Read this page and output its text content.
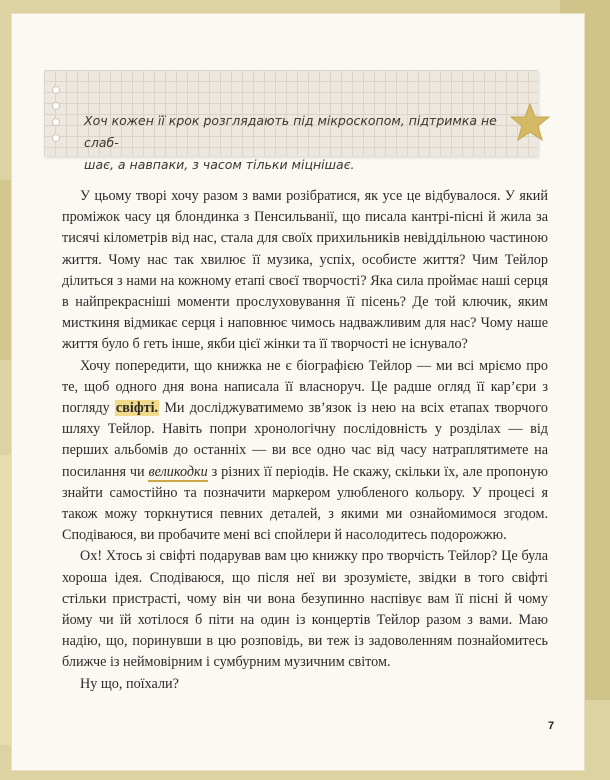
Хоч кожен її крок розглядають під мікроскопом, підтримка не слаб-
шає, а навпаки, з часом тільки міцнішає.

У цьому творі хочу разом з вами розібратися, як усе це відбувалося. У який проміжок часу ця блондинка з Пенсильванії, що писала кантрі-пісні й жила за тисячі кілометрів від нас, стала для своїх прихильників невіддільною частиною життя. Чому нас так хвилює її музика, успіх, особисте життя? Чим Тейлор ділиться з нами на кожному етапі своєї творчості? Яка сила проймає наші серця в найпрекрасніші моменти прослуховування її пісень? Де той ключик, яким мисткиня відмикає серця і наповнює чимось надважливим для нас? Чому наше життя було б геть інше, якби цієї жінки та її творчості не існувало?

Хочу попередити, що книжка не є біографією Тейлор — ми всі мріємо про те, щоб одного дня вона написала її власноруч. Це радше огляд її кар’єри з погляду свіфті. Ми досліджуватимемо зв’язок із нею на всіх етапах творчого шляху Тейлор. Навіть попри хронологічну послідовність у розділах — від перших альбомів до останніх — ви все одно час від часу натраплятимете на посилання чи великодки з різних її періодів. Не скажу, скільки їх, але пропоную знайти самостійно та позначити маркером улюбленого кольору. У процесі я також можу торкнутися певних деталей, з якими ми ознайомимося згодом. Сподіваюся, ви пробачите мені всі спойлери й насолодитесь подорожжю.

Ох! Хтось зі свіфті подарував вам цю книжку про творчість Тейлор? Це була хороша ідея. Сподіваюся, що після неї ви зрозумієте, звідки в того свіфті стільки пристрасті, чому він чи вона безупинно наспівує вам її пісні й чому йому чи їй хотілося б піти на один із концертів Тейлор разом з вами. Маю надію, що, поринувши в цю розповідь, ви теж із задоволенням познайомитесь ближче із неймовірним і сумбурним музичним світом.

Ну що, поїхали?

7
